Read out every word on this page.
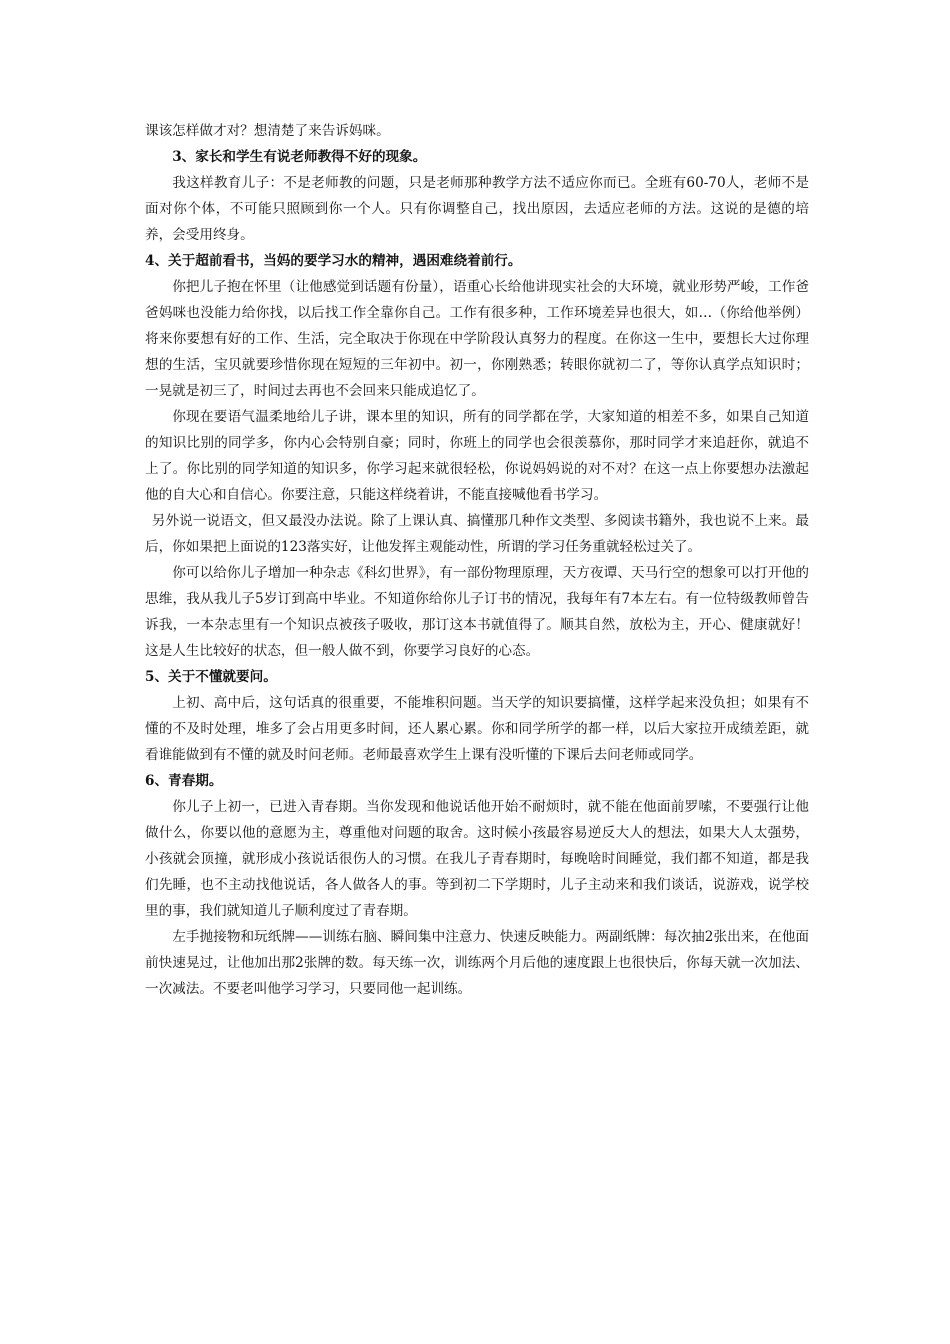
课该怎样做才对？想清楚了来告诉妈咪。

3、家长和学生有说老师教得不好的现象。

我这样教育儿子：不是老师教的问题，只是老师那种教学方法不适应你而已。全班有60-70人，老师不是面对你个体，不可能只照顾到你一个人。只有你调整自己，找出原因，去适应老师的方法。这说的是德的培养，会受用终身。

4、关于超前看书，当妈的要学习水的精神，遇困难绕着前行。

你把儿子抱在怀里（让他感觉到话题有份量），语重心长给他讲现实社会的大环境，就业形势严峻，工作爸爸妈咪也没能力给你找，以后找工作全靠你自己。工作有很多种，工作环境差异也很大，如…（你给他举例）将来你要想有好的工作、生活，完全取决于你现在中学阶段认真努力的程度。在你这一生中，要想长大过你理想的生活，宝贝就要珍惜你现在短短的三年初中。初一，你刚熟悉；转眼你就初二了，等你认真学点知识时；一晃就是初三了，时间过去再也不会回来只能成追忆了。

你现在要语气温柔地给儿子讲，课本里的知识，所有的同学都在学，大家知道的相差不多，如果自己知道的知识比别的同学多，你内心会特别自豪；同时，你班上的同学也会很羡慕你，那时同学才来追赶你，就追不上了。你比别的同学知道的知识多，你学习起来就很轻松，你说妈妈说的对不对？在这一点上你要想办法激起他的自大心和自信心。你要注意，只能这样绕着讲，不能直接喊他看书学习。

另外说一说语文，但又最没办法说。除了上课认真、搞懂那几种作文类型、多阅读书籍外，我也说不上来。最后，你如果把上面说的123落实好，让他发挥主观能动性，所谓的学习任务重就轻松过关了。

你可以给你儿子增加一种杂志《科幻世界》，有一部份物理原理，天方夜谭、天马行空的想象可以打开他的思维，我从我儿子5岁订到高中毕业。不知道你给你儿子订书的情况，我每年有7本左右。有一位特级教师曾告诉我，一本杂志里有一个知识点被孩子吸收，那订这本书就值得了。顺其自然，放松为主，开心、健康就好！这是人生比较好的状态，但一般人做不到，你要学习良好的心态。

5、关于不懂就要问。

上初、高中后，这句话真的很重要，不能堆积问题。当天学的知识要搞懂，这样学起来没负担；如果有不懂的不及时处理，堆多了会占用更多时间，还人累心累。你和同学所学的都一样，以后大家拉开成绩差距，就看谁能做到有不懂的就及时问老师。老师最喜欢学生上课有没听懂的下课后去问老师或同学。

6、青春期。

你儿子上初一，已进入青春期。当你发现和他说话他开始不耐烦时，就不能在他面前罗嗦，不要强行让他做什么，你要以他的意愿为主，尊重他对问题的取舍。这时候小孩最容易逆反大人的想法，如果大人太强势，小孩就会顶撞，就形成小孩说话很伤人的习惯。在我儿子青春期时，每晚啥时间睡觉，我们都不知道，都是我们先睡，也不主动找他说话，各人做各人的事。等到初二下学期时，儿子主动来和我们谈话，说游戏，说学校里的事，我们就知道儿子顺利度过了青春期。

左手抛接物和玩纸牌——训练右脑、瞬间集中注意力、快速反映能力。两副纸牌：每次抽2张出来，在他面前快速晃过，让他加出那2张牌的数。每天练一次，训练两个月后他的速度跟上也很快后，你每天就一次加法、一次减法。不要老叫他学习学习，只要同他一起训练。
